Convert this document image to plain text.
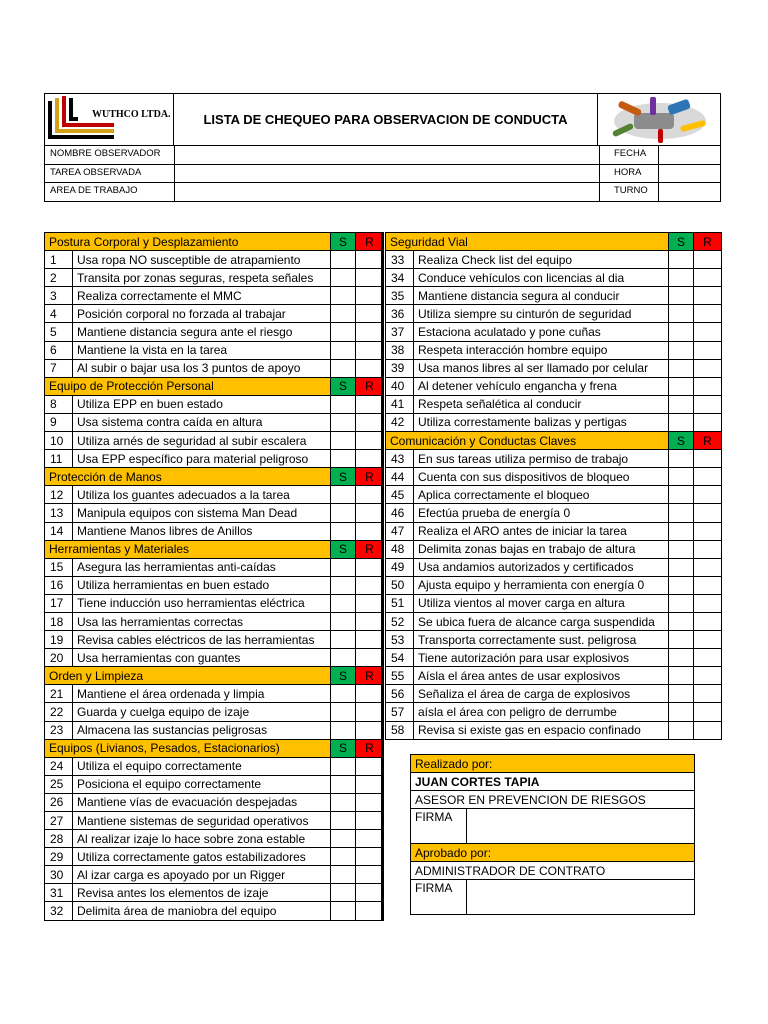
WUTHCO LTDA.	LISTA DE CHEQUEO PARA OBSERVACION DE CONDUCTA
NOMBRE OBSERVADOR	FECHA
TAREA OBSERVADA	HORA
AREA DE TRABAJO	TURNO
Postura Corporal y Desplazamiento		S	R
1	Usa ropa NO susceptible de atrapamiento		
2	Transita por zonas seguras, respeta señales		
3	Realiza correctamente el MMC		
4	Posición corporal no forzada al trabajar		
5	Mantiene distancia segura ante el riesgo		
6	Mantiene la vista en la tarea		
7	Al subir o bajar usa los 3 puntos de apoyo		
Equipo de Protección Personal		S	R
8	Utiliza EPP en buen estado		
9	Usa sistema contra caída en altura		
10	Utiliza arnés de seguridad al subir escalera		
11	Usa EPP específico para material peligroso		
Protección de Manos		S	R
12	Utiliza los guantes adecuados a la tarea		
13	Manipula equipos con sistema Man Dead		
14	Mantiene Manos libres de Anillos		
Herramientas y Materiales		S	R
15	Asegura las herramientas anti-caídas		
16	Utiliza herramientas en buen estado		
17	Tiene inducción uso herramientas eléctrica		
18	Usa las herramientas correctas		
19	Revisa cables eléctricos de las herramientas		
20	Usa herramientas con guantes		
Orden y Limpieza		S	R
21	Mantiene el área ordenada y limpia		
22	Guarda y cuelga equipo de izaje		
23	Almacena las sustancias peligrosas		
Equipos (Livianos, Pesados, Estacionarios)		S	R
24	Utiliza el equipo correctamente		
25	Posiciona el equipo correctamente		
26	Mantiene vías de evacuación despejadas		
27	Mantiene sistemas de seguridad operativos		
28	Al realizar izaje lo hace sobre zona estable		
29	Utiliza correctamente gatos estabilizadores		
30	Al izar carga es apoyado por un Rigger		
31	Revisa antes los elementos de izaje		
32	Delimita área de maniobra del equipo		
Seguridad Vial		S	R
33	Realiza Check list del equipo		
34	Conduce vehículos con licencias al dia		
35	Mantiene distancia segura al conducir		
36	Utiliza siempre su cinturón de seguridad		
37	Estaciona aculatado y pone cuñas		
38	Respeta interacción hombre equipo		
39	Usa manos libres al ser llamado por celular		
40	Al detener vehículo engancha y frena		
41	Respeta señalética al conducir		
42	Utiliza correstamente balizas y pertigas		
Comunicación y Conductas Claves		S	R
43	En sus tareas utiliza permiso de trabajo		
44	Cuenta con sus dispositivos de bloqueo		
45	Aplica correctamente el bloqueo		
46	Efectúa prueba de energía 0		
47	Realiza el ARO antes de iniciar la tarea		
48	Delimita zonas bajas en trabajo de altura		
49	Usa andamios autorizados y certificados		
50	Ajusta equipo y herramienta con energía 0		
51	Utiliza vientos al mover carga en altura		
52	Se ubica fuera de alcance carga suspendida		
53	Transporta correctamente sust. peligrosa		
54	Tiene autorización para usar explosivos		
55	Aísla el área antes de usar explosivos		
56	Señaliza el área de carga de explosivos		
57	aísla el área con peligro de derrumbe		
58	Revisa si existe gas en espacio confinado		
Realizado por:	
JUAN CORTES TAPIA	
ASESOR EN PREVENCION DE RIESGOS	
FIRMA	
Aprobado por:	
ADMINISTRADOR DE CONTRATO	
FIRMA	
